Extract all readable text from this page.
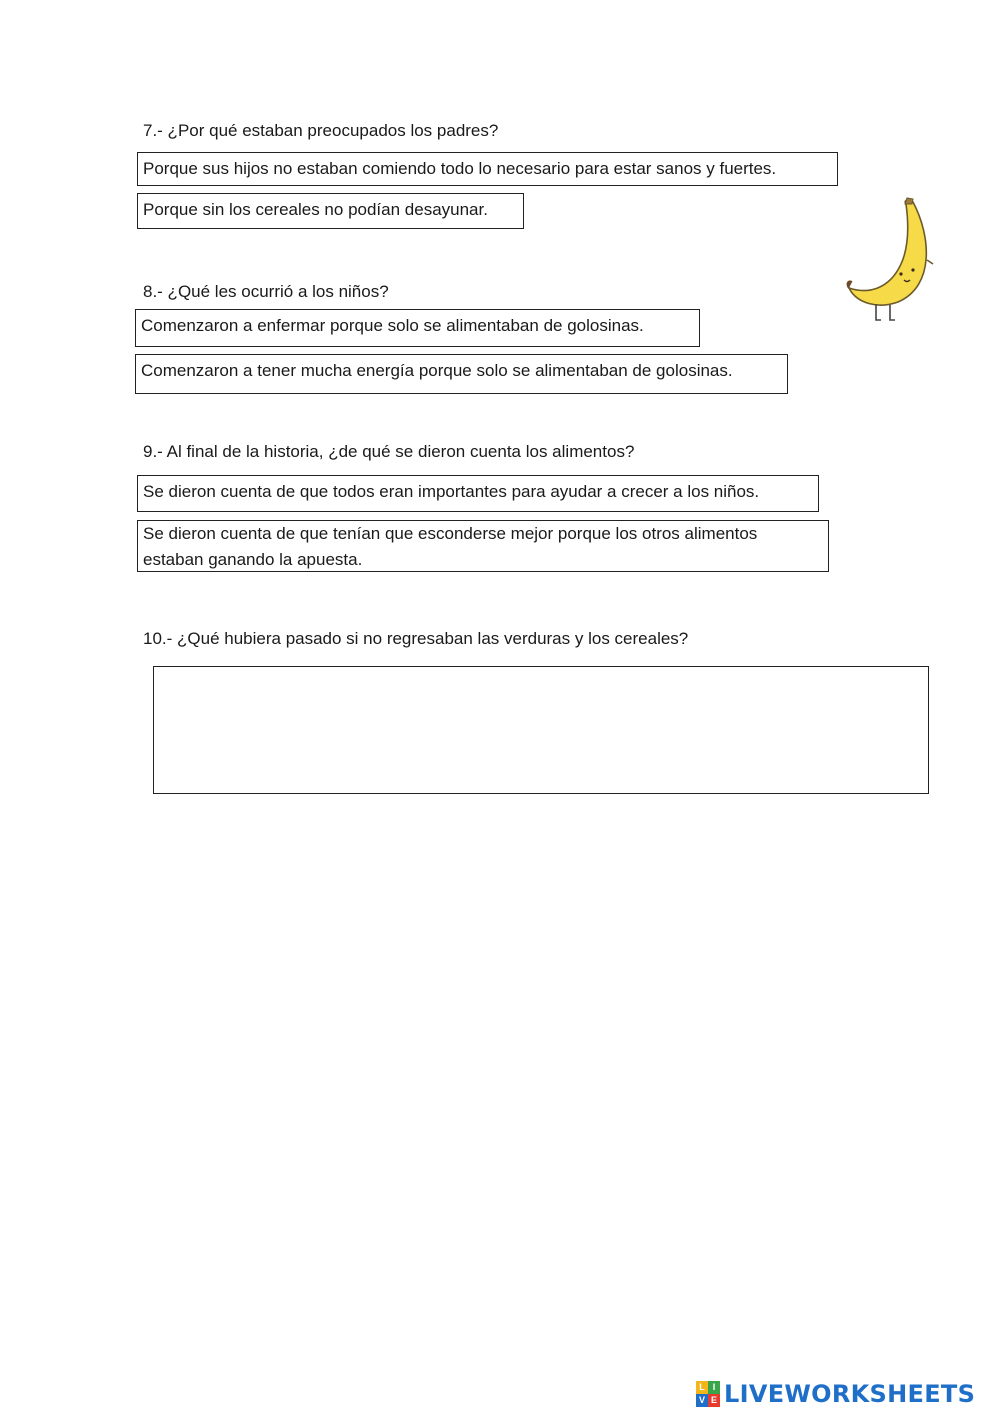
7.- ¿Por qué estaban preocupados los padres?
Porque sus hijos no estaban comiendo todo lo necesario para estar sanos y fuertes.
Porque sin los cereales no podían desayunar.
8.- ¿Qué les ocurrió a los niños?
Comenzaron a enfermar porque solo se alimentaban de golosinas.
Comenzaron a tener mucha energía porque solo se alimentaban de golosinas.
9.- Al final de la historia, ¿de qué se dieron cuenta los alimentos?
Se dieron cuenta de que todos eran importantes para ayudar a crecer a los niños.
Se dieron cuenta de que tenían que esconderse mejor porque los otros alimentos estaban ganando la apuesta.
10.- ¿Qué hubiera pasado si no regresaban las verduras y los cereales?
L I
V E LIVEWORKSHEETS
